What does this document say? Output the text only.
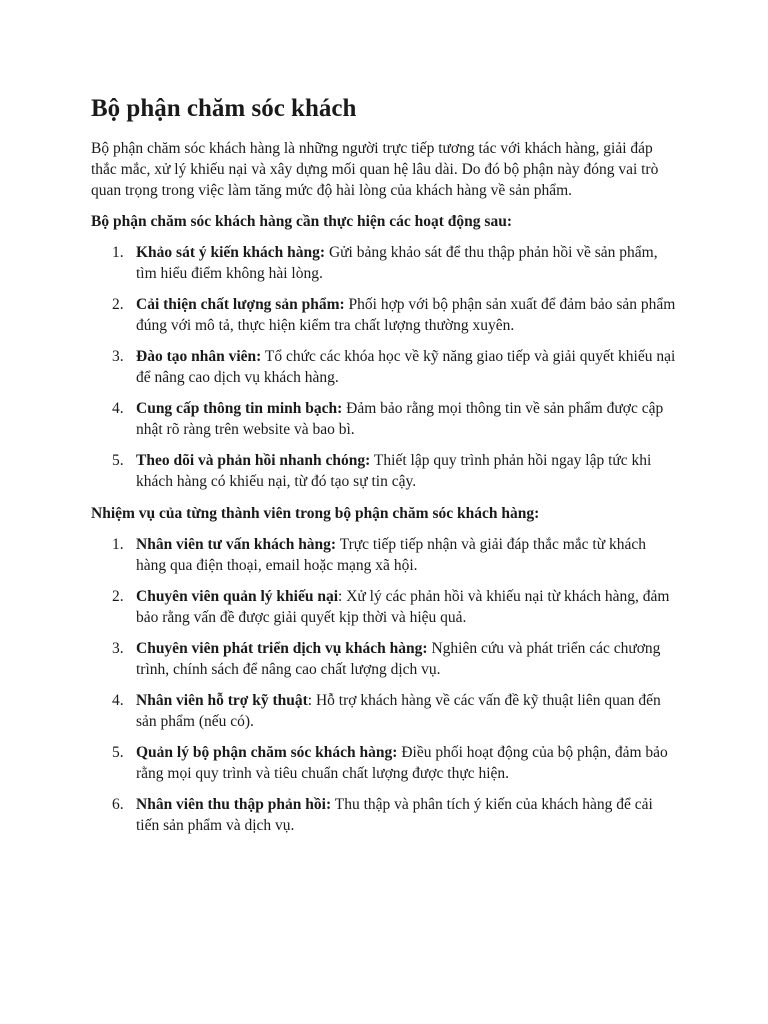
Bộ phận chăm sóc khách

Bộ phận chăm sóc khách hàng là những người trực tiếp tương tác với khách hàng, giải đáp thắc mắc, xử lý khiếu nại và xây dựng mối quan hệ lâu dài. Do đó bộ phận này đóng vai trò quan trọng trong việc làm tăng mức độ hài lòng của khách hàng về sản phẩm.

Bộ phận chăm sóc khách hàng cần thực hiện các hoạt động sau:

1. Khảo sát ý kiến khách hàng: Gửi bảng khảo sát để thu thập phản hồi về sản phẩm, tìm hiểu điểm không hài lòng.
2. Cải thiện chất lượng sản phẩm: Phối hợp với bộ phận sản xuất để đảm bảo sản phẩm đúng với mô tả, thực hiện kiểm tra chất lượng thường xuyên.
3. Đào tạo nhân viên: Tổ chức các khóa học về kỹ năng giao tiếp và giải quyết khiếu nại để nâng cao dịch vụ khách hàng.
4. Cung cấp thông tin minh bạch: Đảm bảo rằng mọi thông tin về sản phẩm được cập nhật rõ ràng trên website và bao bì.
5. Theo dõi và phản hồi nhanh chóng: Thiết lập quy trình phản hồi ngay lập tức khi khách hàng có khiếu nại, từ đó tạo sự tin cậy.

Nhiệm vụ của từng thành viên trong bộ phận chăm sóc khách hàng:

1. Nhân viên tư vấn khách hàng: Trực tiếp tiếp nhận và giải đáp thắc mắc từ khách hàng qua điện thoại, email hoặc mạng xã hội.
2. Chuyên viên quản lý khiếu nại: Xử lý các phản hồi và khiếu nại từ khách hàng, đảm bảo rằng vấn đề được giải quyết kịp thời và hiệu quả.
3. Chuyên viên phát triển dịch vụ khách hàng: Nghiên cứu và phát triển các chương trình, chính sách để nâng cao chất lượng dịch vụ.
4. Nhân viên hỗ trợ kỹ thuật: Hỗ trợ khách hàng về các vấn đề kỹ thuật liên quan đến sản phẩm (nếu có).
5. Quản lý bộ phận chăm sóc khách hàng: Điều phối hoạt động của bộ phận, đảm bảo rằng mọi quy trình và tiêu chuẩn chất lượng được thực hiện.
6. Nhân viên thu thập phản hồi: Thu thập và phân tích ý kiến của khách hàng để cải tiến sản phẩm và dịch vụ.
